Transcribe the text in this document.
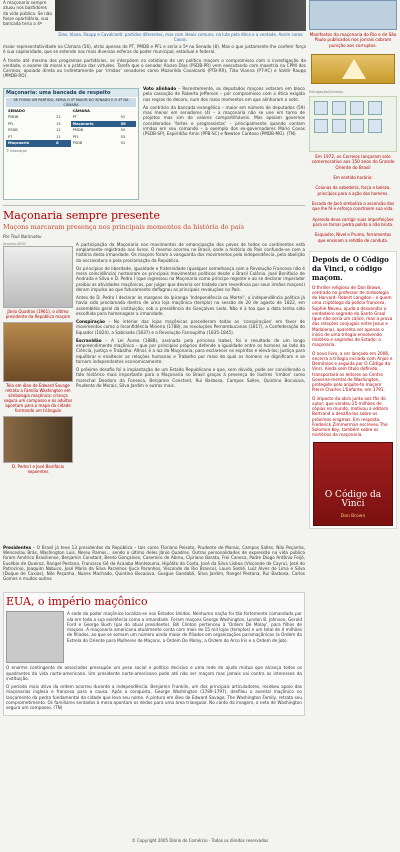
A maçonaria sempre atuou nos bastidores da vida pública. Se não fosse opartidária, sua bancada teria a 4ª
Dias, Viana, Raupp e Cavalcanti: partidos diferentes, mas com ideais comuns, na luta pela ética e a verdade. Assim como Covas.

maior representatividade na Câmara (56), atrás apenas do PT, PMDB e PFL e seria a 5ª no Senado (8). Mas o que justamente lhe conferir força é sua capilaridade, que se estende nas mais diversas esferas do poder municipal, estadual e federal.

À frente até mesmo dos programas partidários, se interpõem no cotidiano de um político maçom o compromisso com a investigação da verdade, o exame da moral e a prática das virtudes. Tarefa que o senador Álvaro Dias (PSDB-PR) vem executando com maestria na CPMI dos Correios, apoiado direta ou indiretamente por 'irmãos' senadores como Mozarildo Cavalcanti (PTB-RR), Tião Vianna (PT-AC) e Valdir Raupp (PMDB-RO).

Maçonaria: uma bancada de respeito
SE FOSSE UM PARTIDO, SERIA O 5º MAIOR DO SENADO E O 4º DA CÂMARA
SENADO		CÂMARA	
PMDB	22	PT	91
PFL	15	Maçonaria	56
PSDB	12	PMDB	55
PT	11	PFL	53
Maçonaria	8	PSDB	51
© Infomaçon

Voto alinhado – Recentemente, os deputados maçons votaram em bloco pela cassação de Roberto Jefferson – por compromisso com a ética exigida nas regras do decoro, num dos raros momentos em que alinharam o voto.

Ao contrário da bancada evangélica – maior em número de deputados (59) mas menor em senadores (4) – a maçonaria não se une em torno de projetos mas sim de valores compartilháveis. Mas apoiam governos considerados 'fortes e progressistas' – principalmente quando contem irmãos em seu comando – a exemplo dos ex-governadores Mário Covas (PSDB-SP), Espiridião Amin (PPB-SC) e Newton Cardoso (PMDB-MG). (TN)

Maçonaria sempre presente
Maçons marcaram presença nos principais momentos da história do país
Por Tsuli Narimatsu
Arquivo AEGC
Jânio Quadros (1961), o último presidente da República maçom
Tela em óleo de Edward Savage retrata a Família Washington em simbologia maçônica: criança segura um compasso e os adultos apontam para o mapa da cidade formando um triângulo
D. Pedro I e José Bonifácio expoentes

A participação da Maçonaria nos movimentos de emancipação dos povos de todos os continentes está amplamente registrada nos livros. O mesmo ocorreu no Brasil, onde a história do País confunde-se com a história desta irmandade. Os maçons foram a vanguarda dos movimentos pela independência, pela abolição da escravatura e pela proclamação da República.

Os princípios de liberdade, igualdade e fraternidade (qualquer semelhança com a Revolução Francesa não é mera coincidência) nortearam os principais movimentos políticos desde o Brasil Colônia. José Bonifácio de Andrada e Silva e D. Pedro I (que ingressou na Maçonaria como príncipe regente e ao se declarar imperador proibiu as atividades maçônicas, por julgar que deveria ser tratado com reverência por seus irmãos maçons) deram impulso ao que futuramente deflagrou as principais revoluções no País.

Antes de D. Pedro I declarar às margens do Ipiranga 'Independência ou Morte!', a independência política já havia sido proclamada dentro de uma loja maçônica (templo) na sessão de 20 de agosto de 1822, em assembléia geral da instituição, sob a presidência de Gonçalves Ledo. Não é à toa que a data tenha sido escolhida para homenagear a irmandade.

Conspiração – No interior das lojas maçônicas precederam todas as 'conspirações' em favor de movimentos como a Inconfidência Mineira (1788), as revoluções Pernambucanas (1817), a Confederação do Equador (1824), a Sabinada (1837) e a Revolução Farroupilha (1835-1845).

Escravidão – A Lei Áurea (1888), assinada pela princesa Isabel, foi o resultado de um longo empreendimento maçônico – que por princípios próprios defende a igualdade entre os homens ao lado da Ciência, Justiça e Trabalho. Afinal, é a luz da Maçonaria, para esclarecer os espíritos e elevá-los; Justiça para equilibrar e enaltecer as relações humanas e Trabalho por meio do qual os homens se dignificam e se tornam independentes economicamente.

O próximo desafio foi a implantação de um Estado Republicano e que, sem dúvida, pode ser considerado o fato histórico mais importante para a Maçonaria no Brasil graças à presença de ilustres 'irmãos' como marechal Deodoro da Fonseca, Benjamin Constant, Rui Barbosa, Campos Salles, Quintino Bocaiúva, Prudente de Morais, Silva Jardim e outros mais.

Presidentes – O Brasil já teve 13 presidentes da República – tais como Floriano Peixoto, Prudente de Morais, Campos Salles, Nilo Peçanha, Wenceslau Brás, Washington Luis, Nereu Ramos... sendo o último deles Jânio Quadros. Outras personalidades de expressão na vida pública foram Américo Brasiliense, Benjamin Constant, Bento Gonçalves, Casemiro de Abreu, Cipriano Barata, Frei Caneca, Padre Diogo Antônio Feijó, Eusébio de Queiroz, Rangel Pestana, Francisco Gê de Acaiaba Montezuma, Hipólito da Costa, José da Silva Lisboa (Visconde de Cayru), José do Patrocínio, Joaquim Nabuco, José Maria da Silva Paranhos (Juca Paranhos, Visconde do Rio Branco), Lauro Sodré, Luiz Alves de Lima e Silva (Duque de Caxias), Nilo Peçanha, Nunes Machado, Quintino Bocaiúva, Gusgue Gandabli, Silva Jardim, Rangel Pestana, Rui Barbosa, Carlos Gomes e muitos outros

EUA, o império maçônico

A sede do poder maçônico localiza-se nos Estados Unidos. Nenhuma nação foi tão fortemente comandada por ela em toda a sua existência como a irmandade. Foram maçons George Washington, Lyndon B. Johnson, Gerald Ford e George Bush (pai do atual presidente). Bill Clinton pertenceu à 'Ordem De Molay', para filhos de maçons. A maçonaria americana atualmente conta com mais de 15 mil lojas (templos) e um total de 4 milhões de filiados, ao que se somam um número ainda maior de filiados em organizações paramaçônicas (a Ordem da Estrela do Oriente para Mulheres de Maçons, a Ordem De Molay, a Ordem do Arco Íris e a Ordem de Job).

O enorme contingente de associados pressupõe um peso social e político decisivo e uma rede de ajuda mútua que alcança todos os quadrantes da vida norte-americana. Um presidente norte-americano pode até não ser maçom mas jamais vai contra os interesses da instituição.

O período mais ativo da ordem ocorreu durante a independência. Benjamin Franklin, um dos principais articuladores, recebeu apoio das maçonarias inglesa e francesa para a causa. Após a conquista, George Washington (1789-1797), desfilou o avental maçônico no lançamento da pedra fundamental da cidade que leva seu nome. A pintura em óleo de Edward Savage, The Washington Family, retrata seu comprometimento. Os familiares sentados à mesa apontam os dedos para uma área triangular. No canto da imagem, o neto de Washington segura um compasso. (TN)

Manifestos da maçonaria do Rio e de São Paulo publicados nos jornais cobram punição aos corruptos.
Divulgação/Correios
Em 1972, os Correios lançaram selo comemorativo aos 150 anos do Grande Oriente do Brasil
Em sentido horário:
Colunas da sabedoria, força e beleza, princípios para a ação dos homens.
Escada de Jacó simboliza a ascensão dos que lhe fé e esforço constroem sua vida.
Aprenda deve corrigir suas imperfeições para se tornar pedra polida a não bruta.
Esquadro, Nível e Prumo, ferramentas que ensinam a retidão de conduta.
Depois de O Código da Vinci, o código maçom.

O thriller religioso de Dan Brown, centrado no professor de simbologia de Harvard- Robert Langdon - e quem uma criptóloga da polícia francesa, Sophie Neveu, ajuda a desvendar o verdadeiro segredo do Santo Graal (que não seria um cálice, mas a prova das relações conjugais entre Jesus e Madalena), aparenta ser apenas o início de uma trilogia envolvendo mistério e segredos de Estado: a maçonaria.

O novo livro, a ser lançado em 2006, encerra a trilogia iniciada com Anjos e Demônios e seguida por O Código da Vinci. Ainda sem título definido, transportará os leitores ao Centro Governa-mental de Washington, protegido pelo arquite-to maçom Pierre Charles L'Enfante, em 1791.

O impacto da obra junto aos fãs do autor, que vendeu 25 milhões de cópias no mundo, motivou a editora Bertrand a desafia-los sobre os próximos enigmas. Em resposta, Frederick Zimmerman escreveu The Solomon Key, também sobre os mistérios da maçonaria.

O Código da Vinci
Dan Brown
© Copyright 2005 Diário do Comércio - Todos os direitos reservados
